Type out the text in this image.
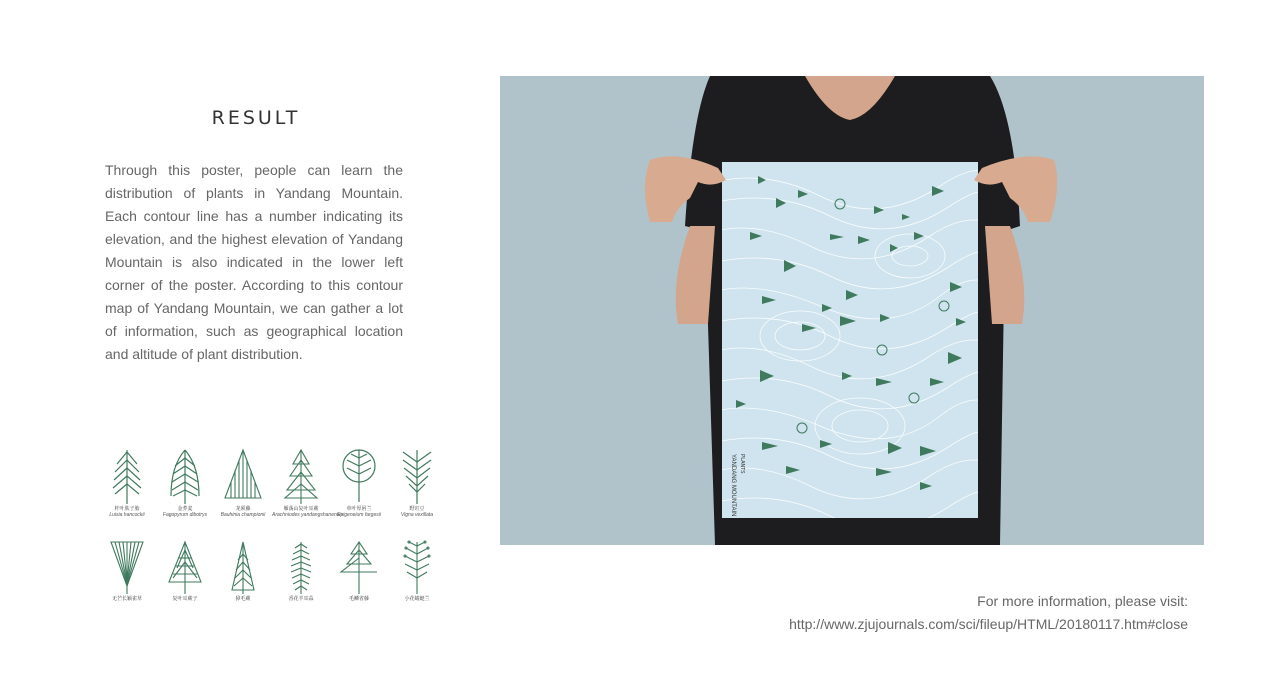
RESULT

Through this poster, people can learn the distribution of plants in Yandang Mountain. Each contour line has a number indicating its elevation, and the highest elevation of Yandang Mountain is also indicated in the lower left corner of the poster. According to this contour map of Yandang Mountain, we can gather a lot of information, such as geographical location and altitude of plant distribution.

杆叶肤子胎
Luisia hancockii
金荞麦
Fagopyrum dibotrys
龙须藤
Bauhinia championii
雁荡山复叶耳蕨
Arachniodes yandangshanensis
单叶厚唇兰
Epigeneium fargesii
野豇豆
Vigna vexillata
无芒长颖雀草	复叶耳蕨子	獐毛蕨	香花羊耳蒜	毛鳞省藤	小花蜻蜓兰
YANDANG MOUNTAIN PLANTS
For more information, please visit:
http://www.zjujournals.com/sci/fileup/HTML/20180117.htm#close
